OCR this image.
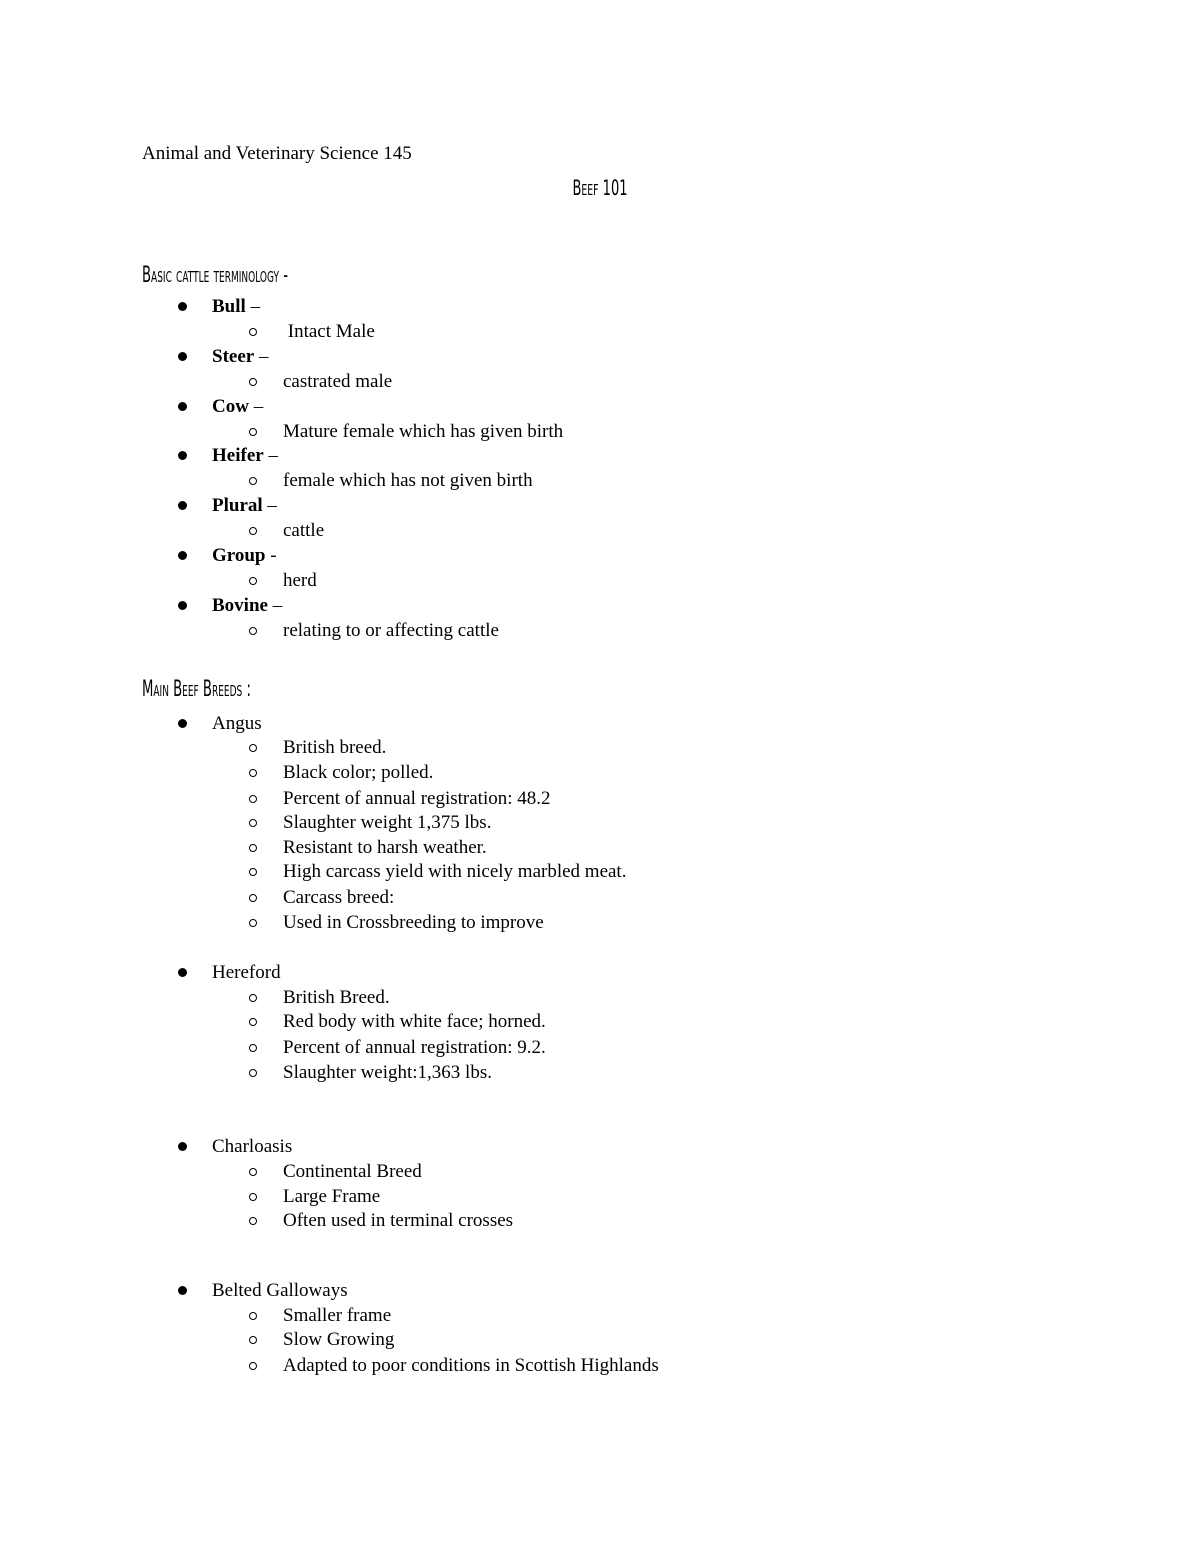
Animal and Veterinary Science 145
Beef 101
Basic cattle terminology -
Main Beef Breeds :
Bull –
Intact Male
Steer –
castrated male
Cow –
Mature female which has given birth
Heifer –
female which has not given birth
Plural –
cattle
Group -
herd
Bovine –
relating to or affecting cattle
Angus
British breed.
Black color; polled.
Percent of annual registration: 48.2
Slaughter weight 1,375 lbs.
Resistant to harsh weather.
High carcass yield with nicely marbled meat.
Carcass breed:
Used in Crossbreeding to improve
Hereford
British Breed.
Red body with white face; horned.
Percent of annual registration: 9.2.
Slaughter weight:1,363 lbs.
Charloasis
Continental Breed
Large Frame
Often used in terminal crosses
Belted Galloways
Smaller frame
Slow Growing
Adapted to poor conditions in Scottish Highlands
